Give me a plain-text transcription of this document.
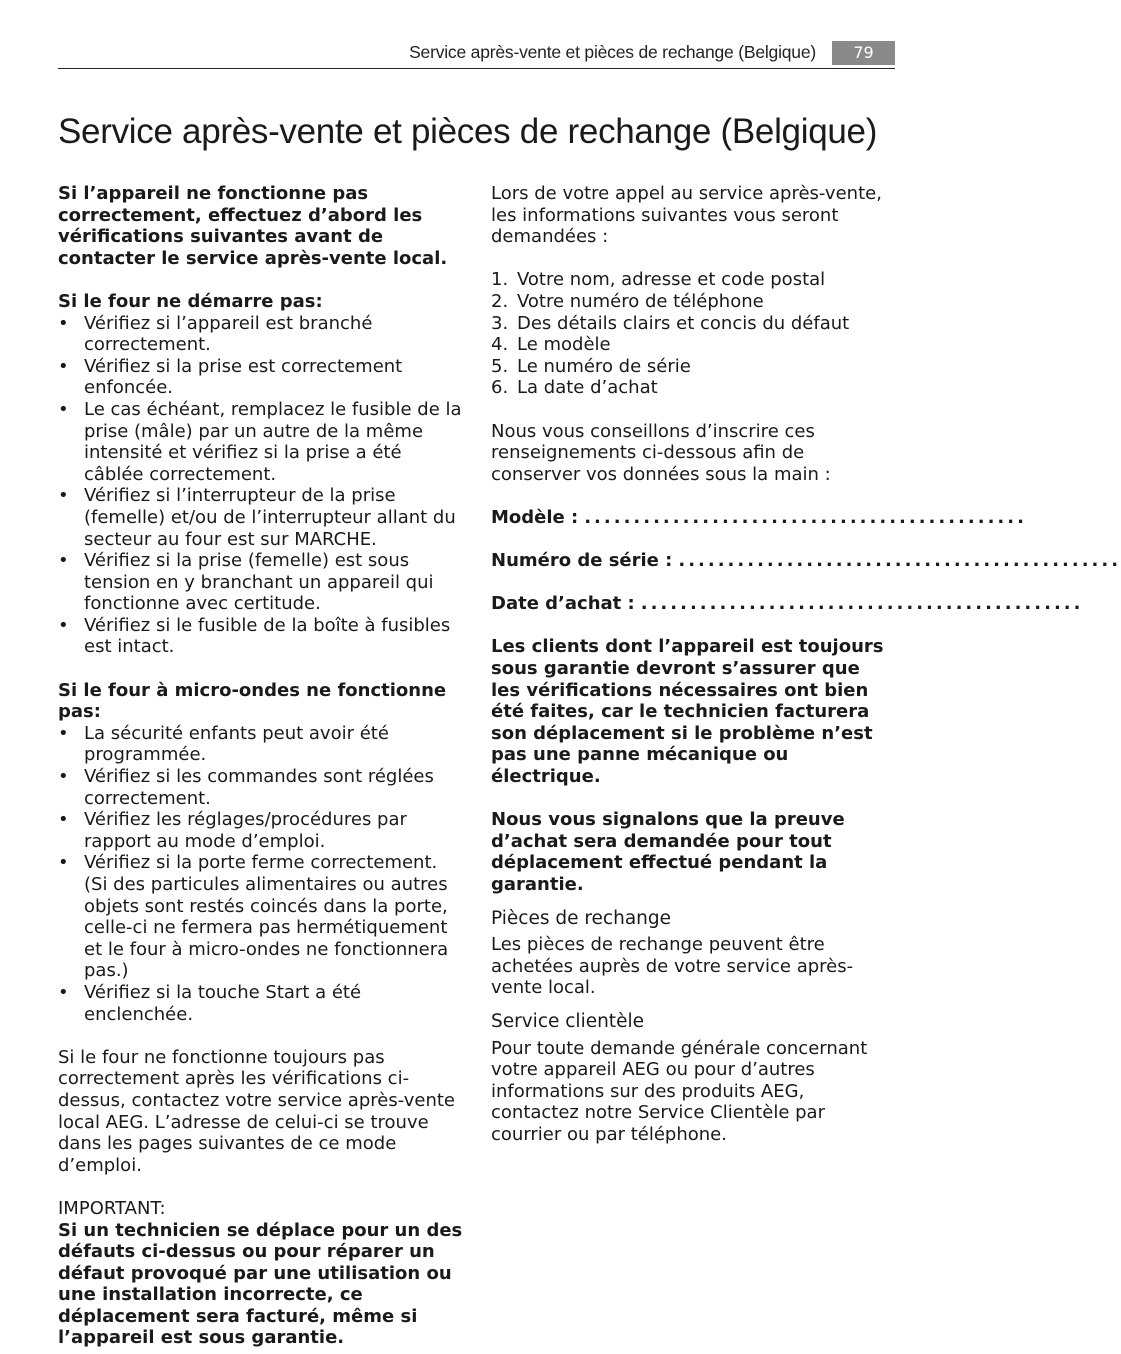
Service après-vente et pièces de rechange (Belgique)	79
Service après-vente et pièces de rechange (Belgique)

Si l’appareil ne fonctionne pas correctement, effectuez d’abord les vérifications suivantes avant de contacter le service après-vente local.

Si le four ne démarre pas:

• Vérifiez si l’appareil est branché correctement.
• Vérifiez si la prise est correctement enfoncée.
• Le cas échéant, remplacez le fusible de la prise (mâle) par un autre de la même intensité et vérifiez si la prise a été câblée correctement.
• Vérifiez si l’interrupteur de la prise (femelle) et/ou de l’interrupteur allant du secteur au four est sur MARCHE.
• Vérifiez si la prise (femelle) est sous tension en y branchant un appareil qui fonctionne avec certitude.
• Vérifiez si le fusible de la boîte à fusibles est intact.

Si le four à micro-ondes ne fonctionne pas:

• La sécurité enfants peut avoir été programmée.
• Vérifiez si les commandes sont réglées correctement.
• Vérifiez les réglages/procédures par rapport au mode d’emploi.
• Vérifiez si la porte ferme correctement. (Si des particules alimentaires ou autres objets sont restés coincés dans la porte, celle-ci ne fermera pas hermétiquement et le four à micro-ondes ne fonctionnera pas.)
• Vérifiez si la touche Start a été enclenchée.

Si le four ne fonctionne toujours pas correctement après les vérifications ci-dessus, contactez votre service après-vente local AEG. L’adresse de celui-ci se trouve dans les pages suivantes de ce mode d’emploi.

IMPORTANT:

Si un technicien se déplace pour un des défauts ci-dessus ou pour réparer un défaut provoqué par une utilisation ou une installation incorrecte, ce déplacement sera facturé, même si l’appareil est sous garantie.

Lors de votre appel au service après-vente, les informations suivantes vous seront demandées :

1. Votre nom, adresse et code postal
2. Votre numéro de téléphone
3. Des détails clairs et concis du défaut
4. Le modèle
5. Le numéro de série
6. La date d’achat

Nous vous conseillons d’inscrire ces renseignements ci-dessous afin de conserver vos données sous la main :

Modèle : .............................................
Numéro de série : .............................................
Date d’achat : .............................................

Les clients dont l’appareil est toujours sous garantie devront s’assurer que les vérifications nécessaires ont bien été faites, car le technicien facturera son déplacement si le problème n’est pas une panne mécanique ou électrique.

Nous vous signalons que la preuve d’achat sera demandée pour tout déplacement effectué pendant la garantie.

Pièces de rechange

Les pièces de rechange peuvent être achetées auprès de votre service après-vente local.

Service clientèle

Pour toute demande générale concernant votre appareil AEG ou pour d’autres informations sur des produits AEG, contactez notre Service Clientèle par courrier ou par téléphone.
